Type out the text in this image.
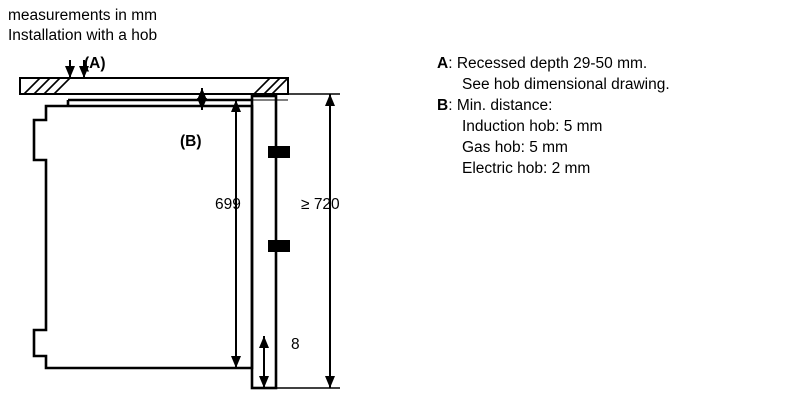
measurements in mm
Installation with a hob
(A)
(B)
699	≥ 720
8
A: Recessed depth 29-50 mm.
See hob dimensional drawing.
B: Min. distance:
Induction hob: 5 mm
Gas hob: 5 mm
Electric hob: 2 mm
